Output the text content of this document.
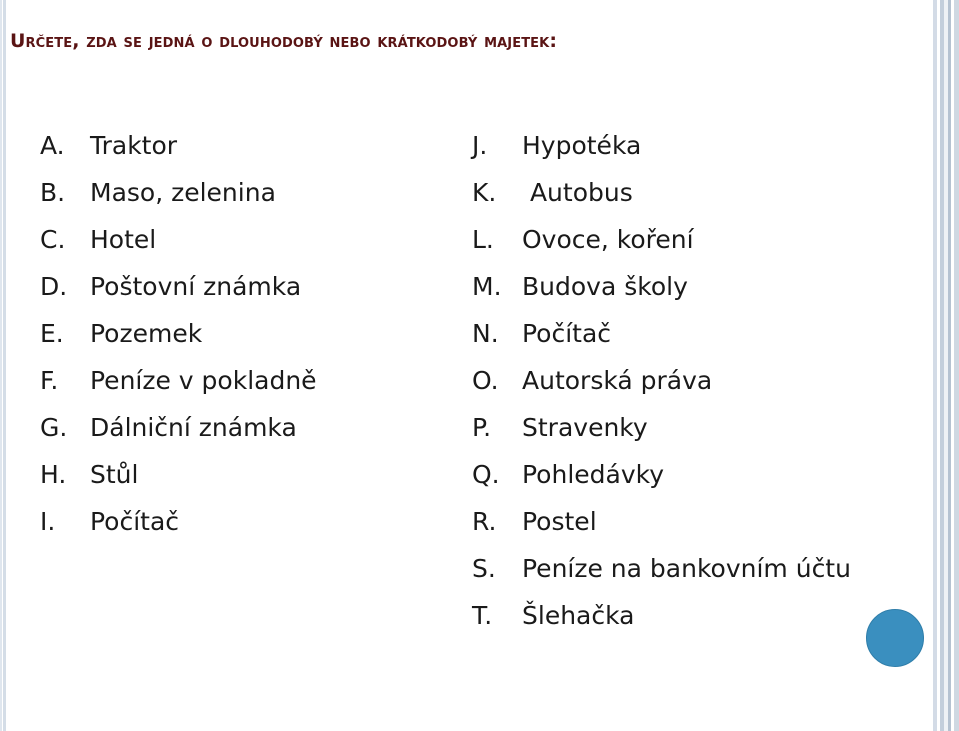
Určete, zda se jedná o dlouhodobý nebo krátkodobý majetek:
A.	Traktor
B. Maso, zelenina
C. Hotel
D. Poštovní známka
E.	Pozemek
F.	Peníze v pokladně
G. Dálniční známka
H. Stůl
I.	Počítač
J.	Hypotéka
K.	Autobus
L.	Ovoce, koření
M. Budova školy
N. Počítač
O. Autorská práva
P.	Stravenky
Q. Pohledávky
R.	Postel
S.	Peníze na bankovním účtu
T.	Šlehačka
